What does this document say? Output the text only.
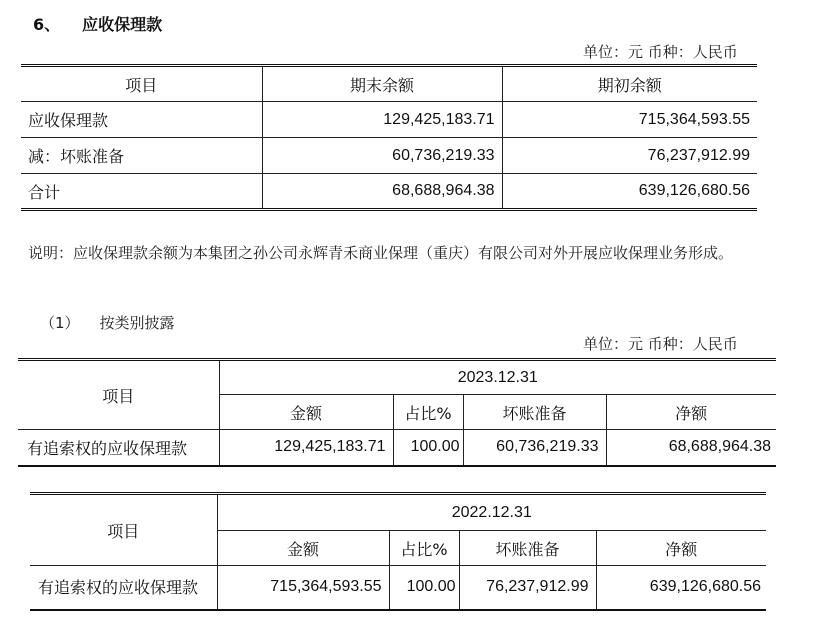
6、 应收保理款
单位：元 币种：人民币
项目	期末余额	期初余额
应收保理款	129,425,183.71	715,364,593.55
减：坏账准备	60,736,219.33	76,237,912.99
合计	68,688,964.38	639,126,680.56
说明：应收保理款余额为本集团之孙公司永辉青禾商业保理（重庆）有限公司对外开展应收保理业务形成。
（1） 按类别披露
单位：元 币种：人民币
项目	2023.12.31			
	金额	占比%	坏账准备	净额
有追索权的应收保理款	129,425,183.71	100.00	60,736,219.33	68,688,964.38
项目	2022.12.31			
	金额	占比%	坏账准备	净额
有追索权的应收保理款	715,364,593.55	100.00	76,237,912.99	639,126,680.56
